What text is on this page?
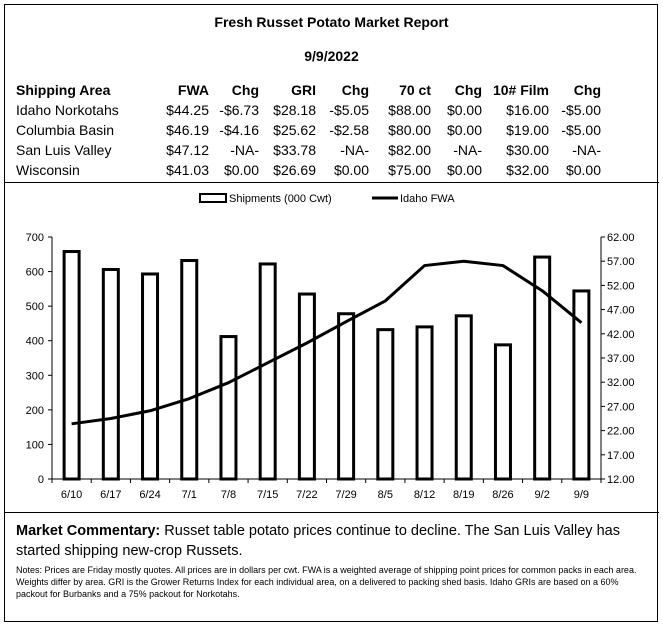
Fresh Russet Potato Market Report
9/9/2022
Shipping Area	FWA	Chg	GRI	Chg	70 ct	Chg	10# Film	Chg
Idaho Norkotahs	$44.25	-$6.73	$28.18	-$5.05	$88.00	$0.00	$16.00	-$5.00
Columbia Basin	$46.19	-$4.16	$25.62	-$2.58	$80.00	$0.00	$19.00	-$5.00
San Luis Valley	$47.12	-NA-	$33.78	-NA-	$82.00	-NA-	$30.00	-NA-
Wisconsin	$41.03	$0.00	$26.69	$0.00	$75.00	$0.00	$32.00	$0.00
0
100
200
300
400
500
600
700
12.00
17.00
22.00
27.00
32.00
37.00
42.00
47.00
52.00
57.00
62.00
6/10 6/17 6/24 7/1 7/8 7/15 7/22 7/29 8/5 8/12 8/19 8/26 9/2 9/9
Shipments (000 Cwt)	Idaho FWA
Market Commentary: Russet table potato prices continue to decline. The San Luis Valley has started shipping new-crop Russets.
Notes: Prices are Friday mostly quotes. All prices are in dollars per cwt. FWA is a weighted average of shipping point prices for common packs in each area. Weights differ by area. GRI is the Grower Returns Index for each individual area, on a delivered to packing shed basis. Idaho GRIs are based on a 60% packout for Burbanks and a 75% packout for Norkotahs.
